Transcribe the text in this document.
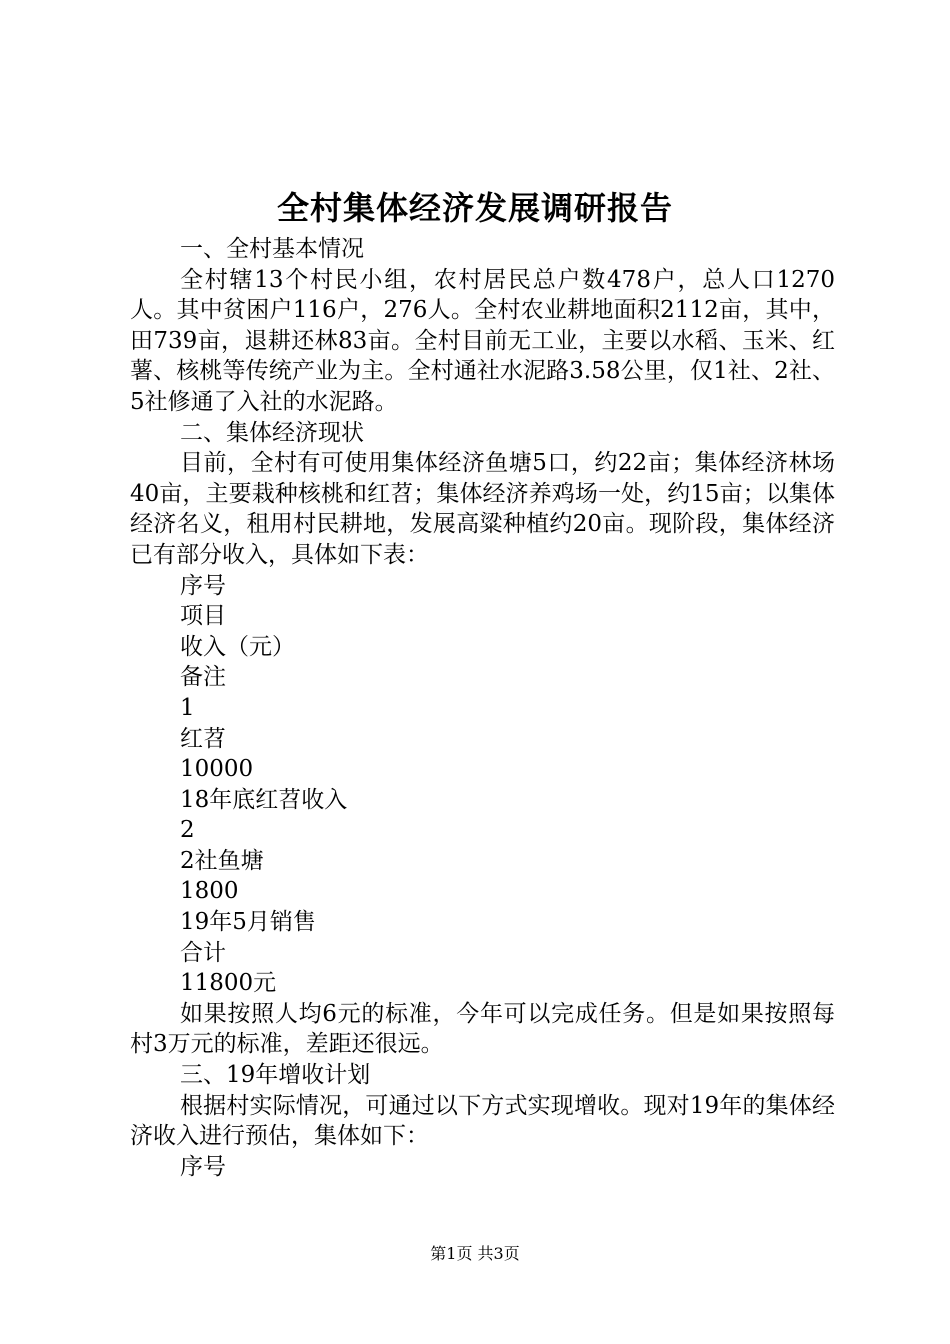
全村集体经济发展调研报告

一、全村基本情况

全村辖13个村民小组，农村居民总户数478户，总人口1270人。其中贫困户116户，276人。全村农业耕地面积2112亩，其中，田739亩，退耕还林83亩。全村目前无工业，主要以水稻、玉米、红薯、核桃等传统产业为主。全村通社水泥路3.58公里，仅1社、2社、5社修通了入社的水泥路。

二、集体经济现状

目前，全村有可使用集体经济鱼塘5口，约22亩；集体经济林场40亩，主要栽种核桃和红苕；集体经济养鸡场一处，约15亩；以集体经济名义，租用村民耕地，发展高粱种植约20亩。现阶段，集体经济已有部分收入，具体如下表：

序号

项目

收入（元）

备注

1

红苕

10000

18年底红苕收入

2

2社鱼塘

1800

19年5月销售

合计

11800元

如果按照人均6元的标准，今年可以完成任务。但是如果按照每村3万元的标准，差距还很远。

三、19年增收计划

根据村实际情况，可通过以下方式实现增收。现对19年的集体经济收入进行预估，集体如下：

序号

第1页 共3页
